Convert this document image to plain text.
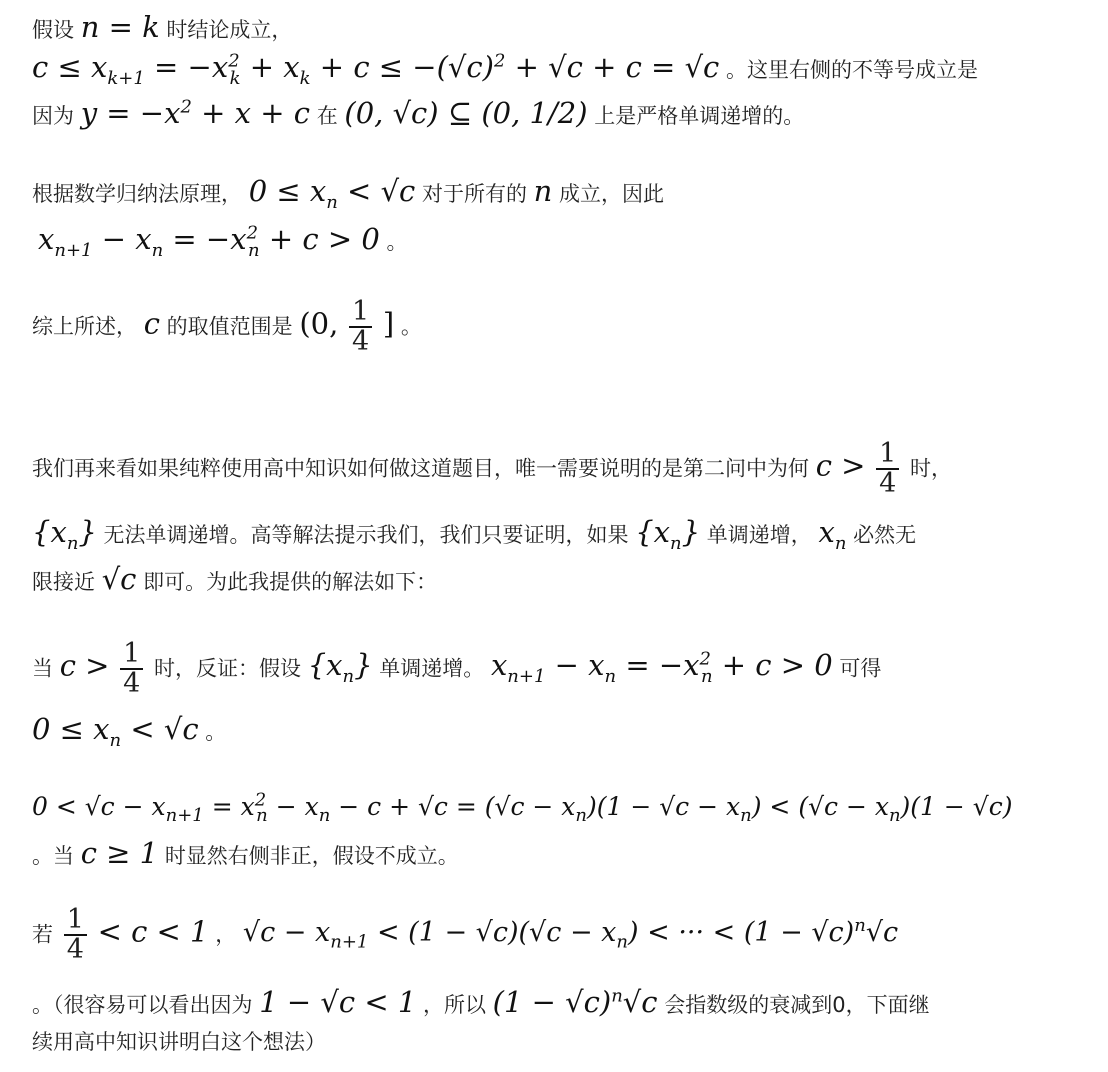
假设 n = k 时结论成立，
$c \le x_{k+1} = -x^2_k + x_k + c \le -(√c)^2 + √c + c = √c$ 。这里右侧的不等号成立是
因为 $y = -x^2 + x + c$ 在 (0, √c) ⊆ (0, 1/2) 上是严格单调递增的。
根据数学归纳法原理， $0 \le x_n < √c$ 对于所有的 n 成立，因此
$x_{n+1} - x_n = -x^2_n + c > 0$ 。
综上所述， c 的取值范围是 (0, $\frac{1}{4}$ ] 。
我们再来看如果纯粹使用高中知识如何做这道题目，唯一需要说明的是第二问中为何 $c > \frac{1}{4}$ 时，
$\{x_n\}$ 无法单调递增。高等解法提示我们，我们只要证明，如果 $\{x_n\}$ 单调递增， $x_n$ 必然无
限接近 √c 即可。为此我提供的解法如下：
当 $c > \frac{1}{4}$ 时，反证：假设 $\{x_n\}$ 单调递增。 $x_{n+1} - x_n = -x^2_n + c > 0$ 可得
$0 \le x_n < √c$ 。
$0 < √c - x_{n+1} = x^2_n - x_n - c + √c = (√c - x_n)(1 - √c - x_n) < (√c - x_n)(1 - √c)$
。当 c ≥ 1 时显然右侧非正，假设不成立。
若 $\frac{1}{4} < c < 1$ ， $√c - x_{n+1} < (1 - √c)(√c - x_n)$ < ··· < $(1 - √c)^n√c$
。（很容易可以看出因为 1 − √c < 1 ，所以 $(1 - √c)^n√c$ 会指数级的衰减到0，下面继
续用高中知识讲明白这个想法）
